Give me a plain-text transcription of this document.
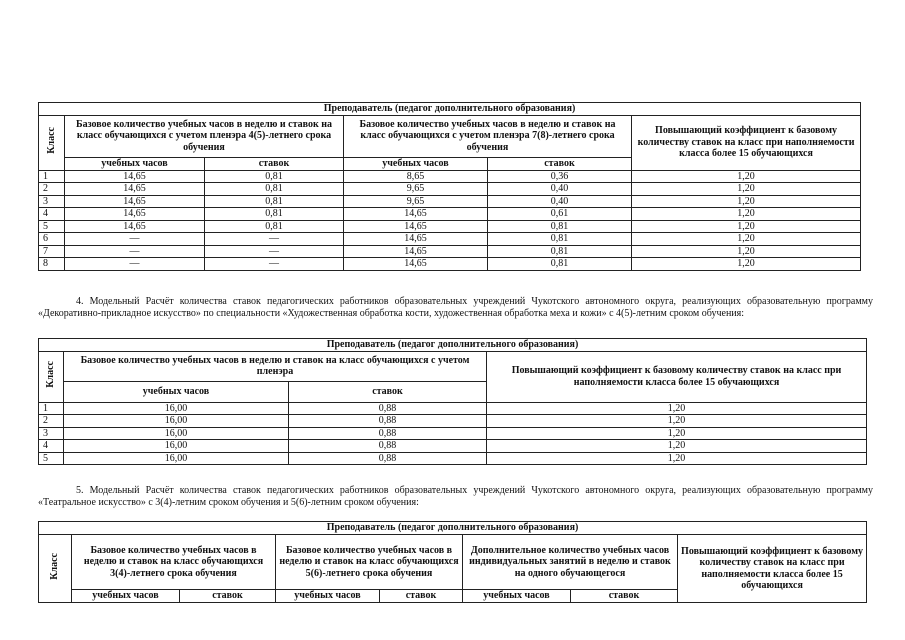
Преподаватель (педагог дополнительного образования)					
Класс	Базовое количество учебных часов в неделю и ставок на класс обучающихся с учетом пленэра 4(5)-летнего срока обучения		Базовое количество учебных часов в неделю и ставок на класс обучающихся с учетом пленэра 7(8)-летнего срока обучения		Повышающий коэффициент к базовому количеству ставок на класс при наполняемости класса более 15 обучающихся
	учебных часов	ставок	учебных часов	ставок	
1	14,65	0,81	8,65	0,36	1,20
2	14,65	0,81	9,65	0,40	1,20
3	14,65	0,81	9,65	0,40	1,20
4	14,65	0,81	14,65	0,61	1,20
5	14,65	0,81	14,65	0,81	1,20
6	—	—	14,65	0,81	1,20
7	—	—	14,65	0,81	1,20
8	—	—	14,65	0,81	1,20
4. Модельный Расчёт количества ставок педагогических работников образовательных учреждений Чукотского автономного округа, реализующих образовательную программу «Декоративно-прикладное искусство» по специальности «Художественная обработка кости, художественная обработка меха и кожи» с 4(5)-летним сроком обучения:
Преподаватель (педагог дополнительного образования)			
Класс	Базовое количество учебных часов в неделю и ставок на класс обучающихся с учетом пленэра		Повышающий коэффициент к базовому количеству ставок на класс при наполняемости класса более 15 обучающихся
	учебных часов	ставок	
1	16,00	0,88	1,20
2	16,00	0,88	1,20
3	16,00	0,88	1,20
4	16,00	0,88	1,20
5	16,00	0,88	1,20
5. Модельный Расчёт количества ставок педагогических работников образовательных учреждений Чукотского автономного округа, реализующих образовательную программу «Театральное искусство» с 3(4)-летним сроком обучения и 5(6)-летним сроком обучения:
Преподаватель (педагог дополнительного образования)							
Класс	Базовое количество учебных часов в неделю и ставок на класс обучающихся 3(4)-летнего срока обучения		Базовое количество учебных часов в неделю и ставок на класс обучающихся 5(6)-летнего срока обучения		Дополнительное количество учебных часов индивидуальных занятий в неделю и ставок на одного обучающегося		Повышающий коэффициент к базовому количеству ставок на класс при наполняемости класса более 15 обучающихся
	учебных часов	ставок	учебных часов	ставок	учебных часов	ставок	
